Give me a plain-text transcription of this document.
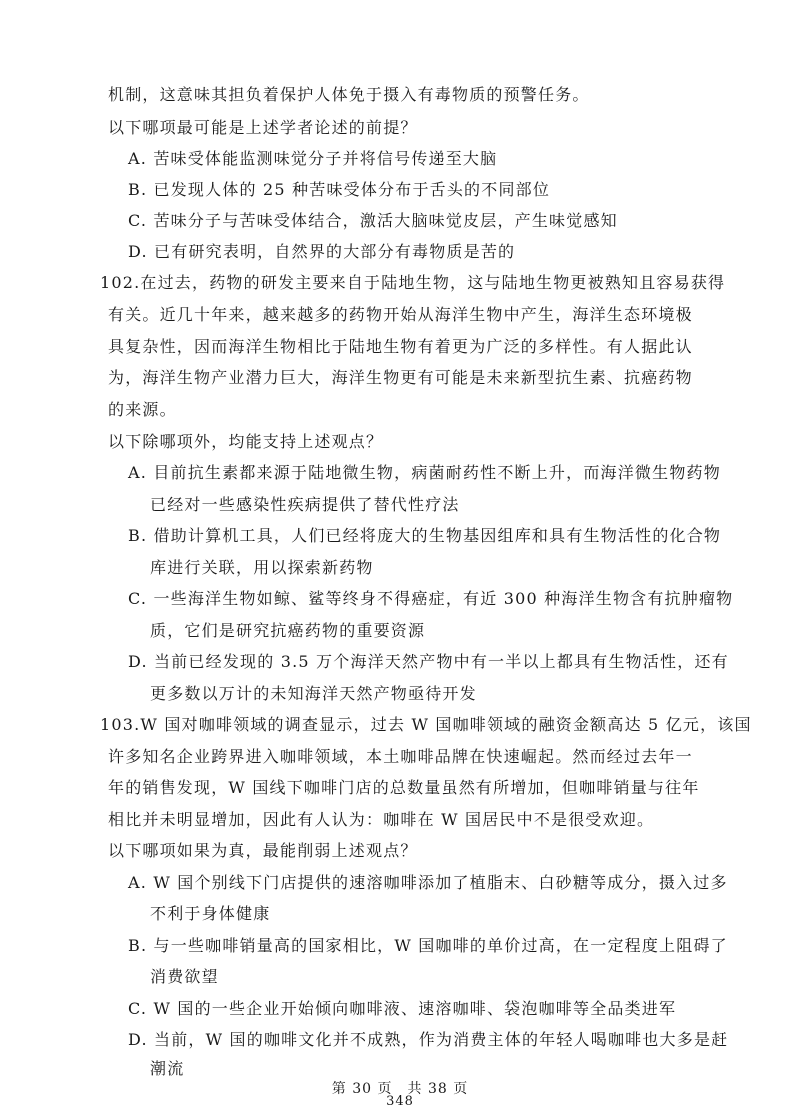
机制，这意味其担负着保护人体免于摄入有毒物质的预警任务。
以下哪项最可能是上述学者论述的前提？
A. 苦味受体能监测味觉分子并将信号传递至大脑
B. 已发现人体的 25 种苦味受体分布于舌头的不同部位
C. 苦味分子与苦味受体结合，激活大脑味觉皮层，产生味觉感知
D. 已有研究表明，自然界的大部分有毒物质是苦的
102.在过去，药物的研发主要来自于陆地生物，这与陆地生物更被熟知且容易获得
有关。近几十年来，越来越多的药物开始从海洋生物中产生，海洋生态环境极
具复杂性，因而海洋生物相比于陆地生物有着更为广泛的多样性。有人据此认
为，海洋生物产业潜力巨大，海洋生物更有可能是未来新型抗生素、抗癌药物
的来源。
以下除哪项外，均能支持上述观点？
A. 目前抗生素都来源于陆地微生物，病菌耐药性不断上升，而海洋微生物药物
已经对一些感染性疾病提供了替代性疗法
B. 借助计算机工具，人们已经将庞大的生物基因组库和具有生物活性的化合物
库进行关联，用以探索新药物
C. 一些海洋生物如鲸、鲨等终身不得癌症，有近 300 种海洋生物含有抗肿瘤物
质，它们是研究抗癌药物的重要资源
D. 当前已经发现的 3.5 万个海洋天然产物中有一半以上都具有生物活性，还有
更多数以万计的未知海洋天然产物亟待开发
103.W 国对咖啡领域的调查显示，过去 W 国咖啡领域的融资金额高达 5 亿元，该国
许多知名企业跨界进入咖啡领域，本土咖啡品牌在快速崛起。然而经过去年一
年的销售发现，W 国线下咖啡门店的总数量虽然有所增加，但咖啡销量与往年
相比并未明显增加，因此有人认为：咖啡在 W 国居民中不是很受欢迎。
以下哪项如果为真，最能削弱上述观点？
A. W 国个别线下门店提供的速溶咖啡添加了植脂末、白砂糖等成分，摄入过多
不利于身体健康
B. 与一些咖啡销量高的国家相比，W 国咖啡的单价过高，在一定程度上阻碍了
消费欲望
C. W 国的一些企业开始倾向咖啡液、速溶咖啡、袋泡咖啡等全品类进军
D. 当前，W 国的咖啡文化并不成熟，作为消费主体的年轻人喝咖啡也大多是赶
潮流
第 30 页　共 38 页
348
